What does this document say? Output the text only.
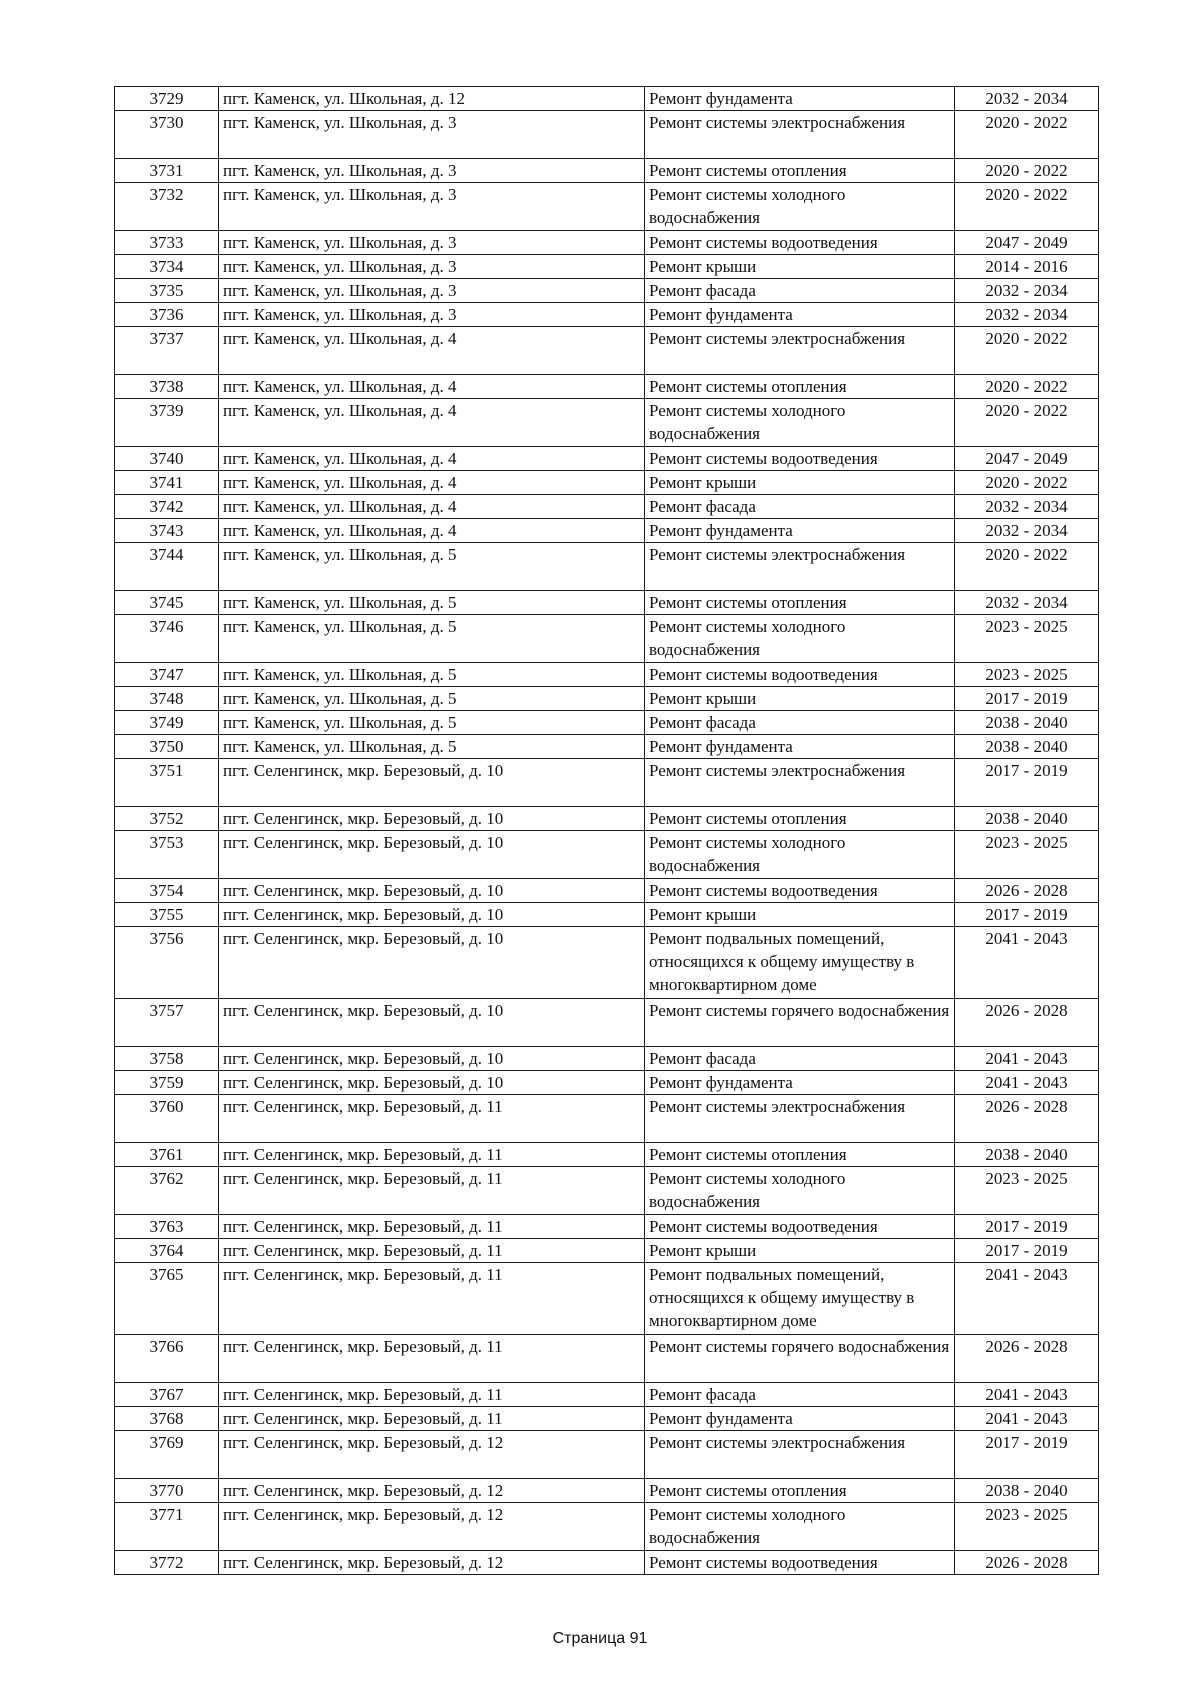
3729	пгт. Каменск, ул. Школьная, д. 12	Ремонт фундамента	2032 - 2034
3730	пгт. Каменск, ул. Школьная, д. 3	Ремонт системы электроснабжения	2020 - 2022
3731	пгт. Каменск, ул. Школьная, д. 3	Ремонт системы отопления	2020 - 2022
3732	пгт. Каменск, ул. Школьная, д. 3	Ремонт системы холодного водоснабжения	2020 - 2022
3733	пгт. Каменск, ул. Школьная, д. 3	Ремонт системы водоотведения	2047 - 2049
3734	пгт. Каменск, ул. Школьная, д. 3	Ремонт крыши	2014 - 2016
3735	пгт. Каменск, ул. Школьная, д. 3	Ремонт фасада	2032 - 2034
3736	пгт. Каменск, ул. Школьная, д. 3	Ремонт фундамента	2032 - 2034
3737	пгт. Каменск, ул. Школьная, д. 4	Ремонт системы электроснабжения	2020 - 2022
3738	пгт. Каменск, ул. Школьная, д. 4	Ремонт системы отопления	2020 - 2022
3739	пгт. Каменск, ул. Школьная, д. 4	Ремонт системы холодного водоснабжения	2020 - 2022
3740	пгт. Каменск, ул. Школьная, д. 4	Ремонт системы водоотведения	2047 - 2049
3741	пгт. Каменск, ул. Школьная, д. 4	Ремонт крыши	2020 - 2022
3742	пгт. Каменск, ул. Школьная, д. 4	Ремонт фасада	2032 - 2034
3743	пгт. Каменск, ул. Школьная, д. 4	Ремонт фундамента	2032 - 2034
3744	пгт. Каменск, ул. Школьная, д. 5	Ремонт системы электроснабжения	2020 - 2022
3745	пгт. Каменск, ул. Школьная, д. 5	Ремонт системы отопления	2032 - 2034
3746	пгт. Каменск, ул. Школьная, д. 5	Ремонт системы холодного водоснабжения	2023 - 2025
3747	пгт. Каменск, ул. Школьная, д. 5	Ремонт системы водоотведения	2023 - 2025
3748	пгт. Каменск, ул. Школьная, д. 5	Ремонт крыши	2017 - 2019
3749	пгт. Каменск, ул. Школьная, д. 5	Ремонт фасада	2038 - 2040
3750	пгт. Каменск, ул. Школьная, д. 5	Ремонт фундамента	2038 - 2040
3751	пгт. Селенгинск, мкр. Березовый, д. 10	Ремонт системы электроснабжения	2017 - 2019
3752	пгт. Селенгинск, мкр. Березовый, д. 10	Ремонт системы отопления	2038 - 2040
3753	пгт. Селенгинск, мкр. Березовый, д. 10	Ремонт системы холодного водоснабжения	2023 - 2025
3754	пгт. Селенгинск, мкр. Березовый, д. 10	Ремонт системы водоотведения	2026 - 2028
3755	пгт. Селенгинск, мкр. Березовый, д. 10	Ремонт крыши	2017 - 2019
3756	пгт. Селенгинск, мкр. Березовый, д. 10	Ремонт подвальных помещений, относящихся к общему имуществу в многоквартирном доме	2041 - 2043
3757	пгт. Селенгинск, мкр. Березовый, д. 10	Ремонт системы горячего водоснабжения	2026 - 2028
3758	пгт. Селенгинск, мкр. Березовый, д. 10	Ремонт фасада	2041 - 2043
3759	пгт. Селенгинск, мкр. Березовый, д. 10	Ремонт фундамента	2041 - 2043
3760	пгт. Селенгинск, мкр. Березовый, д. 11	Ремонт системы электроснабжения	2026 - 2028
3761	пгт. Селенгинск, мкр. Березовый, д. 11	Ремонт системы отопления	2038 - 2040
3762	пгт. Селенгинск, мкр. Березовый, д. 11	Ремонт системы холодного водоснабжения	2023 - 2025
3763	пгт. Селенгинск, мкр. Березовый, д. 11	Ремонт системы водоотведения	2017 - 2019
3764	пгт. Селенгинск, мкр. Березовый, д. 11	Ремонт крыши	2017 - 2019
3765	пгт. Селенгинск, мкр. Березовый, д. 11	Ремонт подвальных помещений, относящихся к общему имуществу в многоквартирном доме	2041 - 2043
3766	пгт. Селенгинск, мкр. Березовый, д. 11	Ремонт системы горячего водоснабжения	2026 - 2028
3767	пгт. Селенгинск, мкр. Березовый, д. 11	Ремонт фасада	2041 - 2043
3768	пгт. Селенгинск, мкр. Березовый, д. 11	Ремонт фундамента	2041 - 2043
3769	пгт. Селенгинск, мкр. Березовый, д. 12	Ремонт системы электроснабжения	2017 - 2019
3770	пгт. Селенгинск, мкр. Березовый, д. 12	Ремонт системы отопления	2038 - 2040
3771	пгт. Селенгинск, мкр. Березовый, д. 12	Ремонт системы холодного водоснабжения	2023 - 2025
3772	пгт. Селенгинск, мкр. Березовый, д. 12	Ремонт системы водоотведения	2026 - 2028
Страница 91
